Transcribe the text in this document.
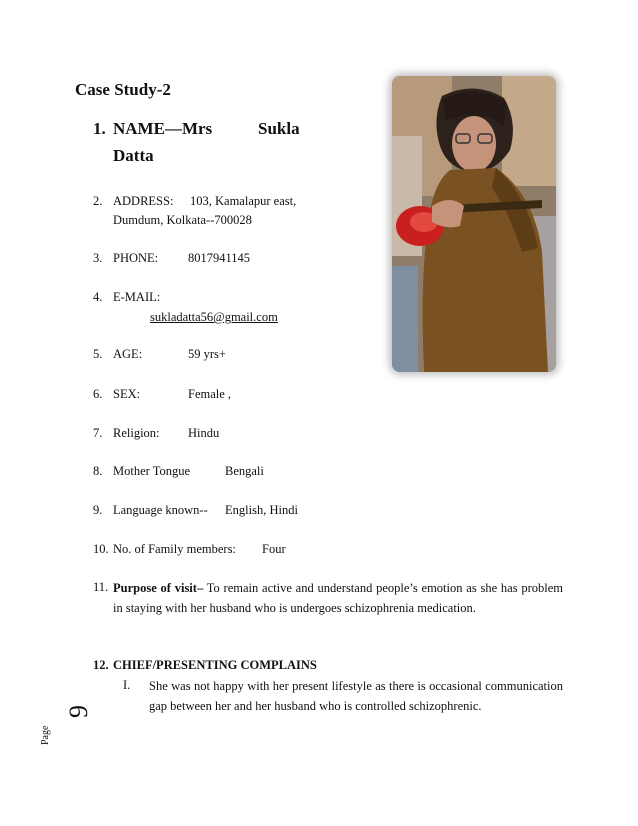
Case Study-2
1. NAME—Mrs	Sukla
Datta
2. ADDRESS: 103, Kamalapur east,
Dumdum, Kolkata--700028
3. PHONE: 8017941145
4. E-MAIL:
sukladatta56@gmail.com
5. AGE:	59 yrs+
6. SEX:	Female ,
7. Religion: Hindu
8. Mother Tongue	Bengali
9. Language known-- English, Hindi
10. No. of Family members: Four
11. Purpose of visit– To remain active and understand people’s emotion as she has problem in staying with her husband who is undergoes schizophrenia medication.
12. CHIEF/PRESENTING COMPLAINS
I. She was not happy with her present lifestyle as there is occasional communication gap between her and her husband who is controlled schizophrenic.
Page
9
